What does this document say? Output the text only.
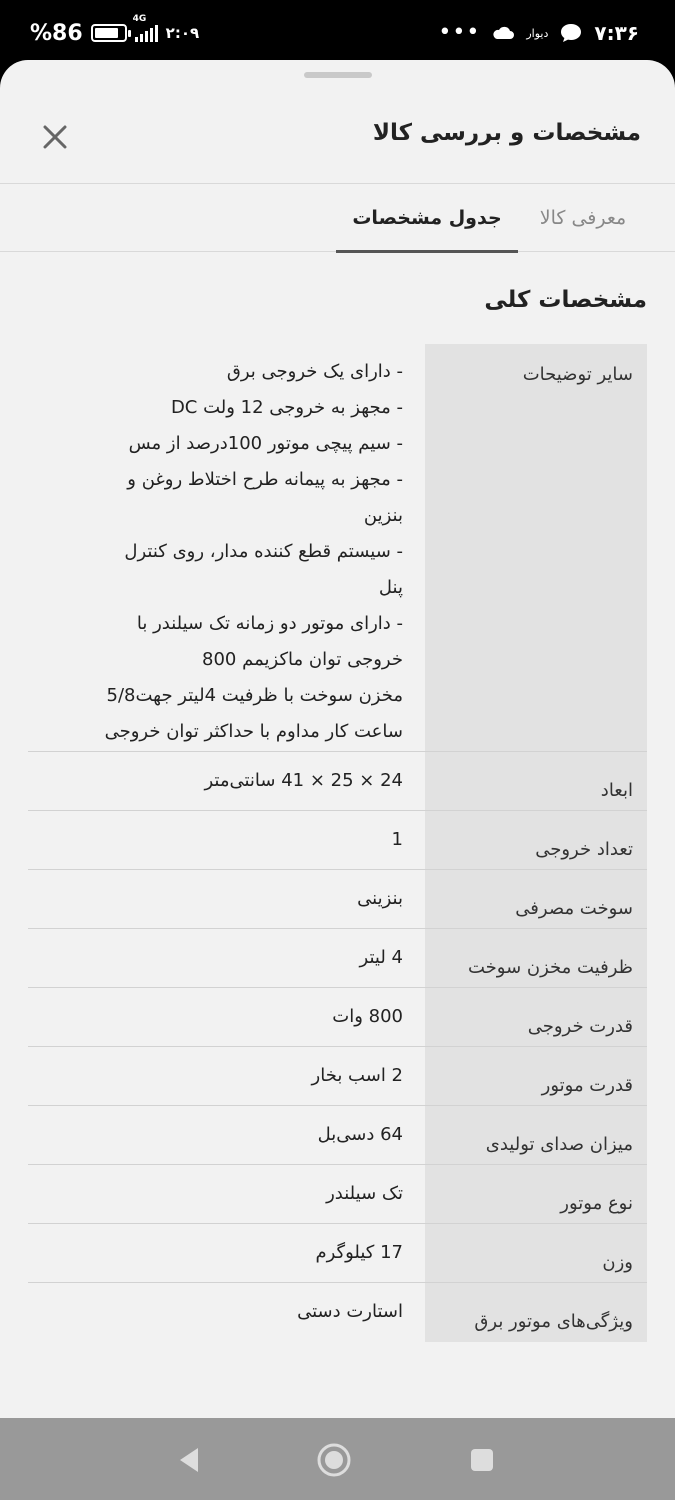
%86
4G
۲:۰۹	•••	دیوار ۷:۳۶
مشخصات و بررسی کالا
معرفی کالا
جدول مشخصات
مشخصات کلی
سایر توضیحات
- دارای یک خروجی برق
- مجهز به خروجی 12 ولت DC
- سیم پیچی موتور 100درصد از مس
- مجهز به پیمانه طرح اختلاط روغن و
بنزین
- سیستم قطع کننده مدار، روی کنترل
پنل
- دارای موتور دو زمانه تک سیلندر با
خروجی توان ماکزیمم 800
مخزن سوخت با ظرفیت 4لیتر جهت5/8
ساعت کار مداوم با حداکثر توان خروجی
ابعاد
24 × 25 × 41 سانتی‌متر
تعداد خروجی
1
سوخت مصرفی
بنزینی
ظرفیت مخزن سوخت
4 لیتر
قدرت خروجی
800 وات
قدرت موتور
2 اسب بخار
میزان صدای تولیدی
64 دسی‌بل
نوع موتور
تک سیلندر
وزن
17 کیلوگرم
ویژگی‌های موتور برق
استارت دستی
